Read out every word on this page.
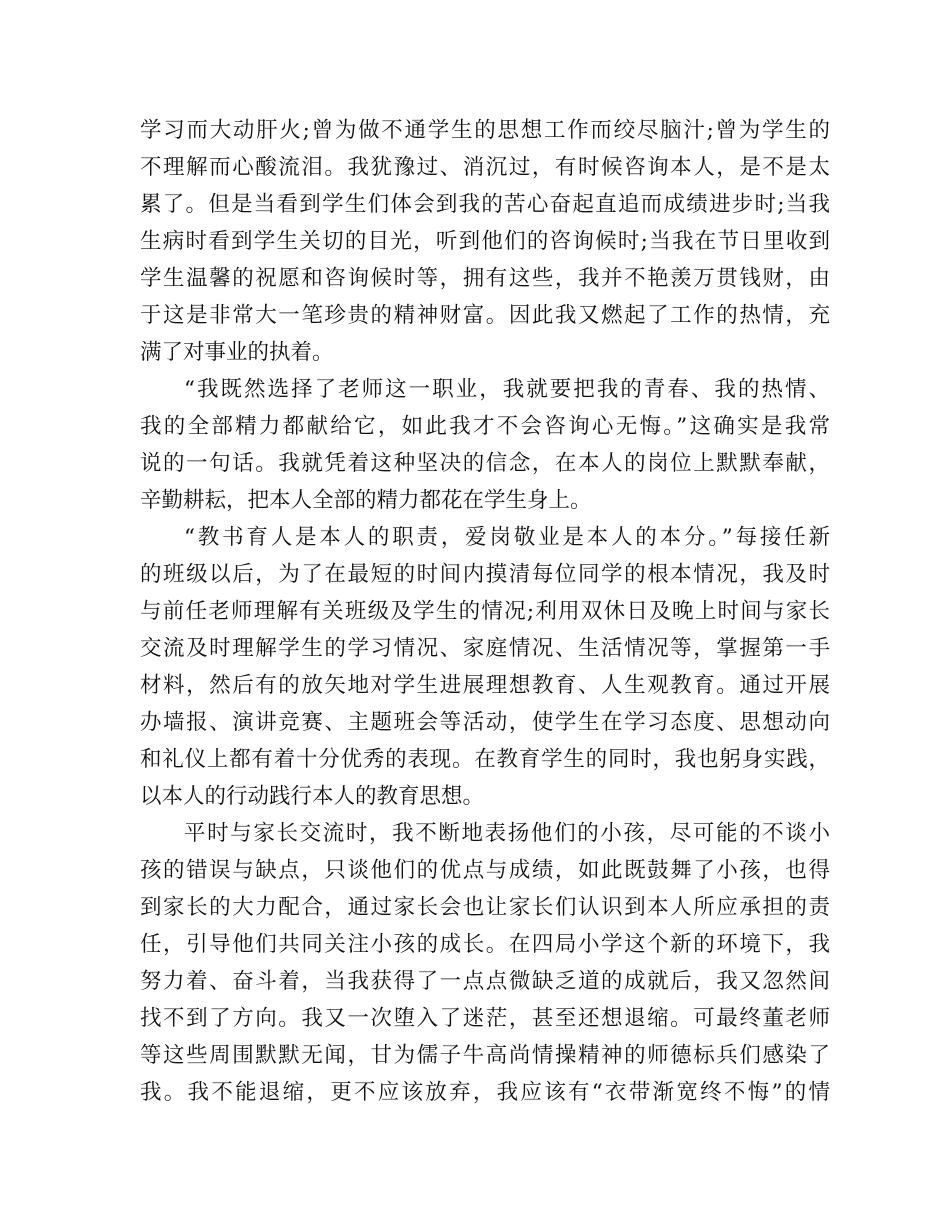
学习而大动肝火;曾为做不通学生的思想工作而绞尽脑汁;曾为学生的
不理解而心酸流泪。我犹豫过、消沉过，有时候咨询本人，是不是太
累了。但是当看到学生们体会到我的苦心奋起直追而成绩进步时;当我
生病时看到学生关切的目光，听到他们的咨询候时;当我在节日里收到
学生温馨的祝愿和咨询候时等，拥有这些，我并不艳羡万贯钱财，由
于这是非常大一笔珍贵的精神财富。因此我又燃起了工作的热情，充
满了对事业的执着。
“我既然选择了老师这一职业，我就要把我的青春、我的热情、
我的全部精力都献给它，如此我才不会咨询心无悔。”这确实是我常
说的一句话。我就凭着这种坚决的信念，在本人的岗位上默默奉献，
辛勤耕耘，把本人全部的精力都花在学生身上。
“教书育人是本人的职责，爱岗敬业是本人的本分。”每接任新
的班级以后，为了在最短的时间内摸清每位同学的根本情况，我及时
与前任老师理解有关班级及学生的情况;利用双休日及晚上时间与家长
交流及时理解学生的学习情况、家庭情况、生活情况等，掌握第一手
材料，然后有的放矢地对学生进展理想教育、人生观教育。通过开展
办墙报、演讲竞赛、主题班会等活动，使学生在学习态度、思想动向
和礼仪上都有着十分优秀的表现。在教育学生的同时，我也躬身实践，
以本人的行动践行本人的教育思想。
平时与家长交流时，我不断地表扬他们的小孩，尽可能的不谈小
孩的错误与缺点，只谈他们的优点与成绩，如此既鼓舞了小孩，也得
到家长的大力配合，通过家长会也让家长们认识到本人所应承担的责
任，引导他们共同关注小孩的成长。在四局小学这个新的环境下，我
努力着、奋斗着，当我获得了一点点微缺乏道的成就后，我又忽然间
找不到了方向。我又一次堕入了迷茫，甚至还想退缩。可最终董老师
等这些周围默默无闻，甘为儒子牛高尚情操精神的师德标兵们感染了
我。我不能退缩，更不应该放弃，我应该有“衣带渐宽终不悔”的情
